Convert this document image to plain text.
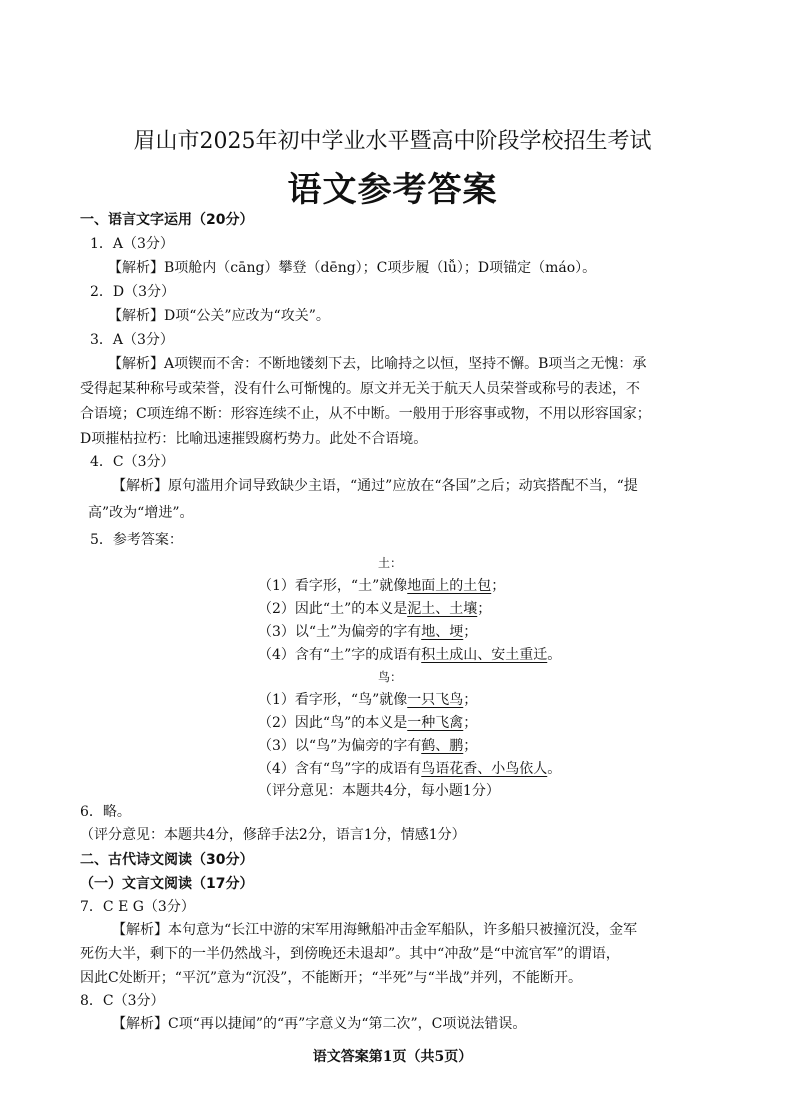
眉山市2025年初中学业水平暨高中阶段学校招生考试
语文参考答案
一、语言文字运用（20分）
1．A（3分）
【解析】B项舱内（cāng）攀登（dēng）；C项步履（lǚ）；D项锚定（máo）。
2．D（3分）
【解析】D项“公关”应改为“攻关”。
3．A（3分）
【解析】A项锲而不舍：不断地镂刻下去，比喻持之以恒，坚持不懈。B项当之无愧：承
受得起某种称号或荣誉，没有什么可惭愧的。原文并无关于航天人员荣誉或称号的表述，不
合语境；C项连绵不断：形容连续不止，从不中断。一般用于形容事或物，不用以形容国家；
D项摧枯拉朽：比喻迅速摧毁腐朽势力。此处不合语境。
4．C（3分）
【解析】原句滥用介词导致缺少主语，“通过”应放在“各国”之后；动宾搭配不当，“提
高”改为“增进”。
5．参考答案：
土：
（1）看字形，“土”就像地面上的土包；
（2）因此“土”的本义是泥土、土壤；
（3）以“土”为偏旁的字有地、埂；
（4）含有“土”字的成语有积土成山、安土重迁。
鸟：
（1）看字形，“鸟”就像一只飞鸟；
（2）因此“鸟”的本义是一种飞禽；
（3）以“鸟”为偏旁的字有鹤、鹏；
（4）含有“鸟”字的成语有鸟语花香、小鸟依人。
（评分意见：本题共4分，每小题1分）
6．略。
（评分意见：本题共4分，修辞手法2分，语言1分，情感1分）
二、古代诗文阅读（30分）
（一）文言文阅读（17分）
7．C E G（3分）
【解析】本句意为“长江中游的宋军用海鳅船冲击金军船队，许多船只被撞沉没，金军
死伤大半，剩下的一半仍然战斗，到傍晚还未退却”。其中“冲敌”是“中流官军”的谓语，
因此C处断开；“平沉”意为“沉没”，不能断开；“半死”与“半战”并列，不能断开。
8．C（3分）
【解析】C项“再以捷闻”的“再”字意义为“第二次”，C项说法错误。
语文答案第1页（共5页）
